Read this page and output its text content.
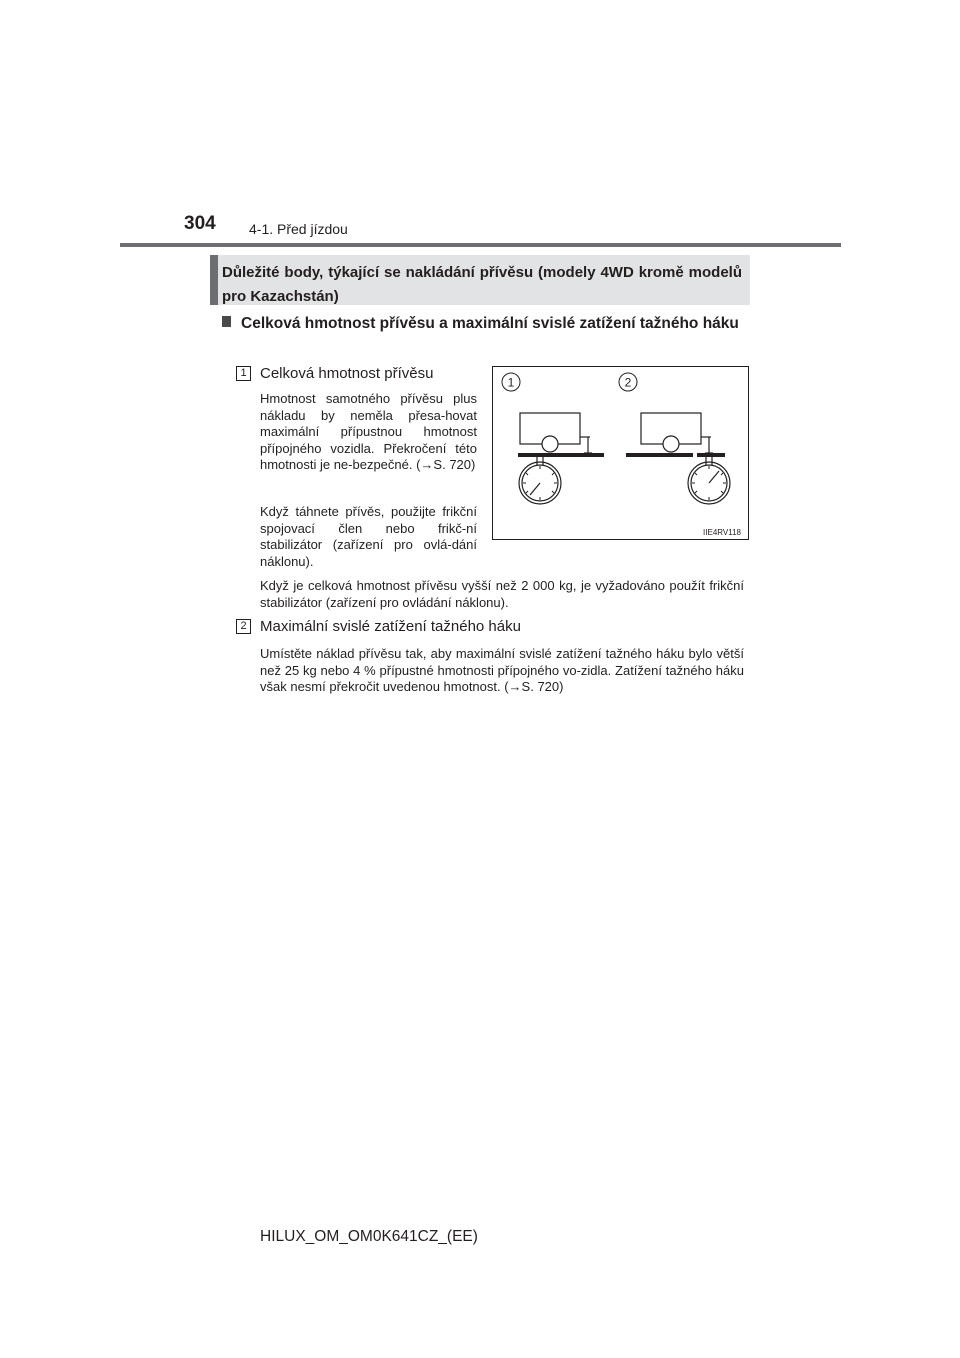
304 4-1. Před jízdou
Důležité body, týkající se nakládání přívěsu (modely 4WD kromě modelů pro Kazachstán)
Celková hmotnost přívěsu a maximální svislé zatížení tažného háku
1 Celková hmotnost přívěsu
Hmotnost samotného přívěsu plus nákladu by neměla přesa-hovat maximální přípustnou hmotnost přípojného vozidla. Překročení této hmotnosti je ne-bezpečné. (→S. 720)
Když táhnete přívěs, použijte frikční spojovací člen nebo frikč-ní stabilizátor (zařízení pro ovlá-dání náklonu).
Když je celková hmotnost přívěsu vyšší než 2 000 kg, je vyžadováno použít frikční stabilizátor (zařízení pro ovládání náklonu).
1	2
IIE4RV118
2 Maximální svislé zatížení tažného háku
Umístěte náklad přívěsu tak, aby maximální svislé zatížení tažného háku bylo větší než 25 kg nebo 4 % přípustné hmotnosti přípojného vo-zidla. Zatížení tažného háku však nesmí překročit uvedenou hmotnost. (→S. 720)
HILUX_OM_OM0K641CZ_(EE)
